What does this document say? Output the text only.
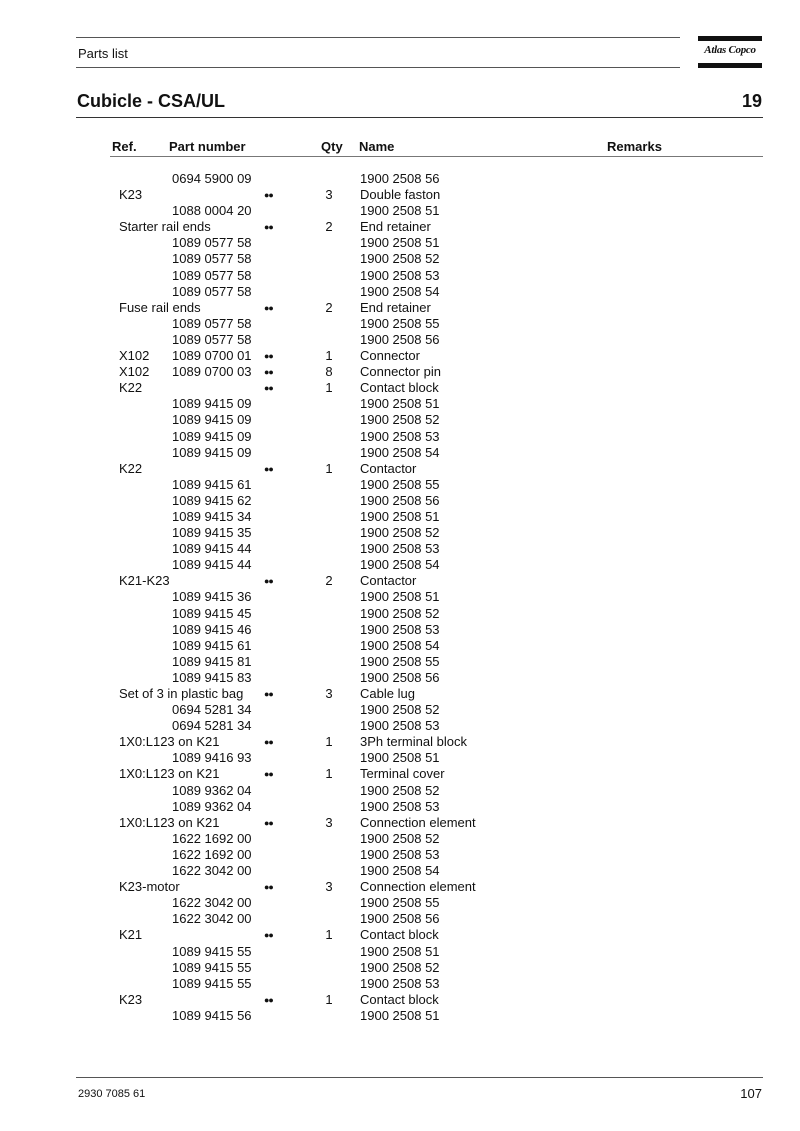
Parts list	Atlas Copco
Cubicle - CSA/UL	19
Ref. Part number	Qty Name	Remarks
0694 5900 09	1900 2508 56
K23	●●	3 Double faston
1088 0004 20	1900 2508 51
Starter rail ends	●●	2 End retainer
1089 0577 58	1900 2508 51
1089 0577 58	1900 2508 52
1089 0577 58	1900 2508 53
1089 0577 58	1900 2508 54
Fuse rail ends	●●	2 End retainer
1089 0577 58	1900 2508 55
1089 0577 58	1900 2508 56
X102 1089 0700 01 ●●	1 Connector
X102 1089 0700 03 ●●	8 Connector pin
K22	●●	1 Contact block
1089 9415 09	1900 2508 51
1089 9415 09	1900 2508 52
1089 9415 09	1900 2508 53
1089 9415 09	1900 2508 54
K22	●●	1 Contactor
1089 9415 61	1900 2508 55
1089 9415 62	1900 2508 56
1089 9415 34	1900 2508 51
1089 9415 35	1900 2508 52
1089 9415 44	1900 2508 53
1089 9415 44	1900 2508 54
K21-K23	●●	2 Contactor
1089 9415 36	1900 2508 51
1089 9415 45	1900 2508 52
1089 9415 46	1900 2508 53
1089 9415 61	1900 2508 54
1089 9415 81	1900 2508 55
1089 9415 83	1900 2508 56
Set of 3 in plastic bag ●●	3 Cable lug
0694 5281 34	1900 2508 52
0694 5281 34	1900 2508 53
1X0:L123 on K21	●●	1 3Ph terminal block
1089 9416 93	1900 2508 51
1X0:L123 on K21	●●	1 Terminal cover
1089 9362 04	1900 2508 52
1089 9362 04	1900 2508 53
1X0:L123 on K21	●●	3 Connection element
1622 1692 00	1900 2508 52
1622 1692 00	1900 2508 53
1622 3042 00	1900 2508 54
K23-motor	●●	3 Connection element
1622 3042 00	1900 2508 55
1622 3042 00	1900 2508 56
K21	●●	1 Contact block
1089 9415 55	1900 2508 51
1089 9415 55	1900 2508 52
1089 9415 55	1900 2508 53
K23	●●	1 Contact block
1089 9415 56	1900 2508 51
2930 7085 61	107
